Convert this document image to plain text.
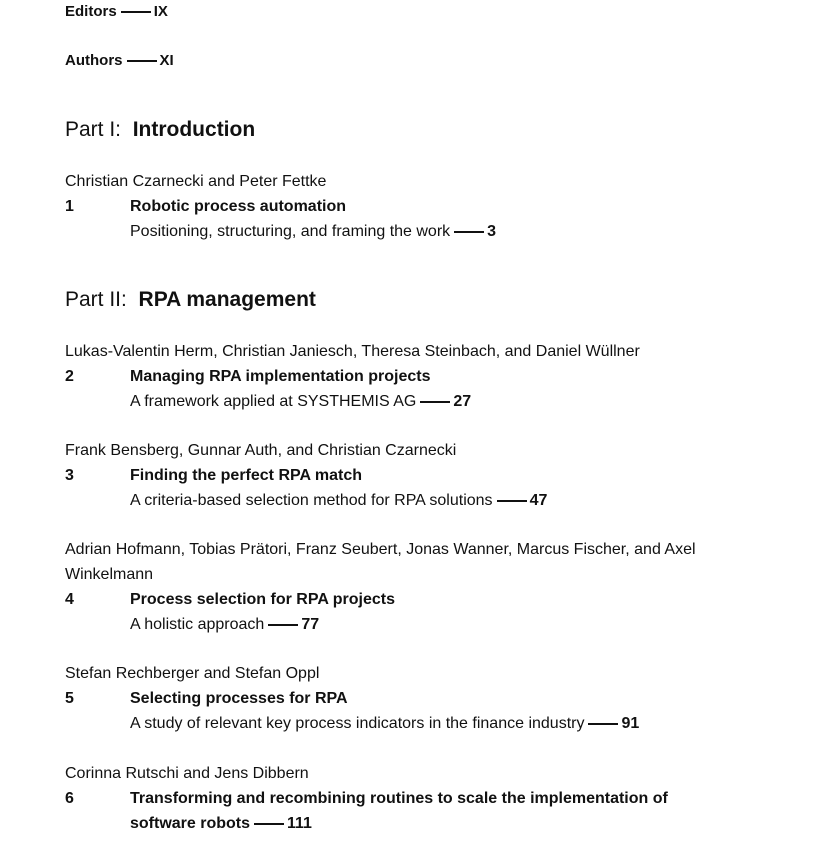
Editors IX
Authors XI
Part I: Introduction
Christian Czarnecki and Peter Fettke
1	Robotic process automation
Positioning, structuring, and framing the work 3
Part II: RPA management
Lukas-Valentin Herm, Christian Janiesch, Theresa Steinbach, and Daniel Wüllner
2	Managing RPA implementation projects
A framework applied at SYSTHEMIS AG 27
Frank Bensberg, Gunnar Auth, and Christian Czarnecki
3	Finding the perfect RPA match
A criteria-based selection method for RPA solutions 47
Adrian Hofmann, Tobias Prätori, Franz Seubert, Jonas Wanner, Marcus Fischer, and Axel Winkelmann
4	Process selection for RPA projects
A holistic approach 77
Stefan Rechberger and Stefan Oppl
5	Selecting processes for RPA
A study of relevant key process indicators in the finance industry 91
Corinna Rutschi and Jens Dibbern
6	Transforming and recombining routines to scale the implementation of software robots 111
